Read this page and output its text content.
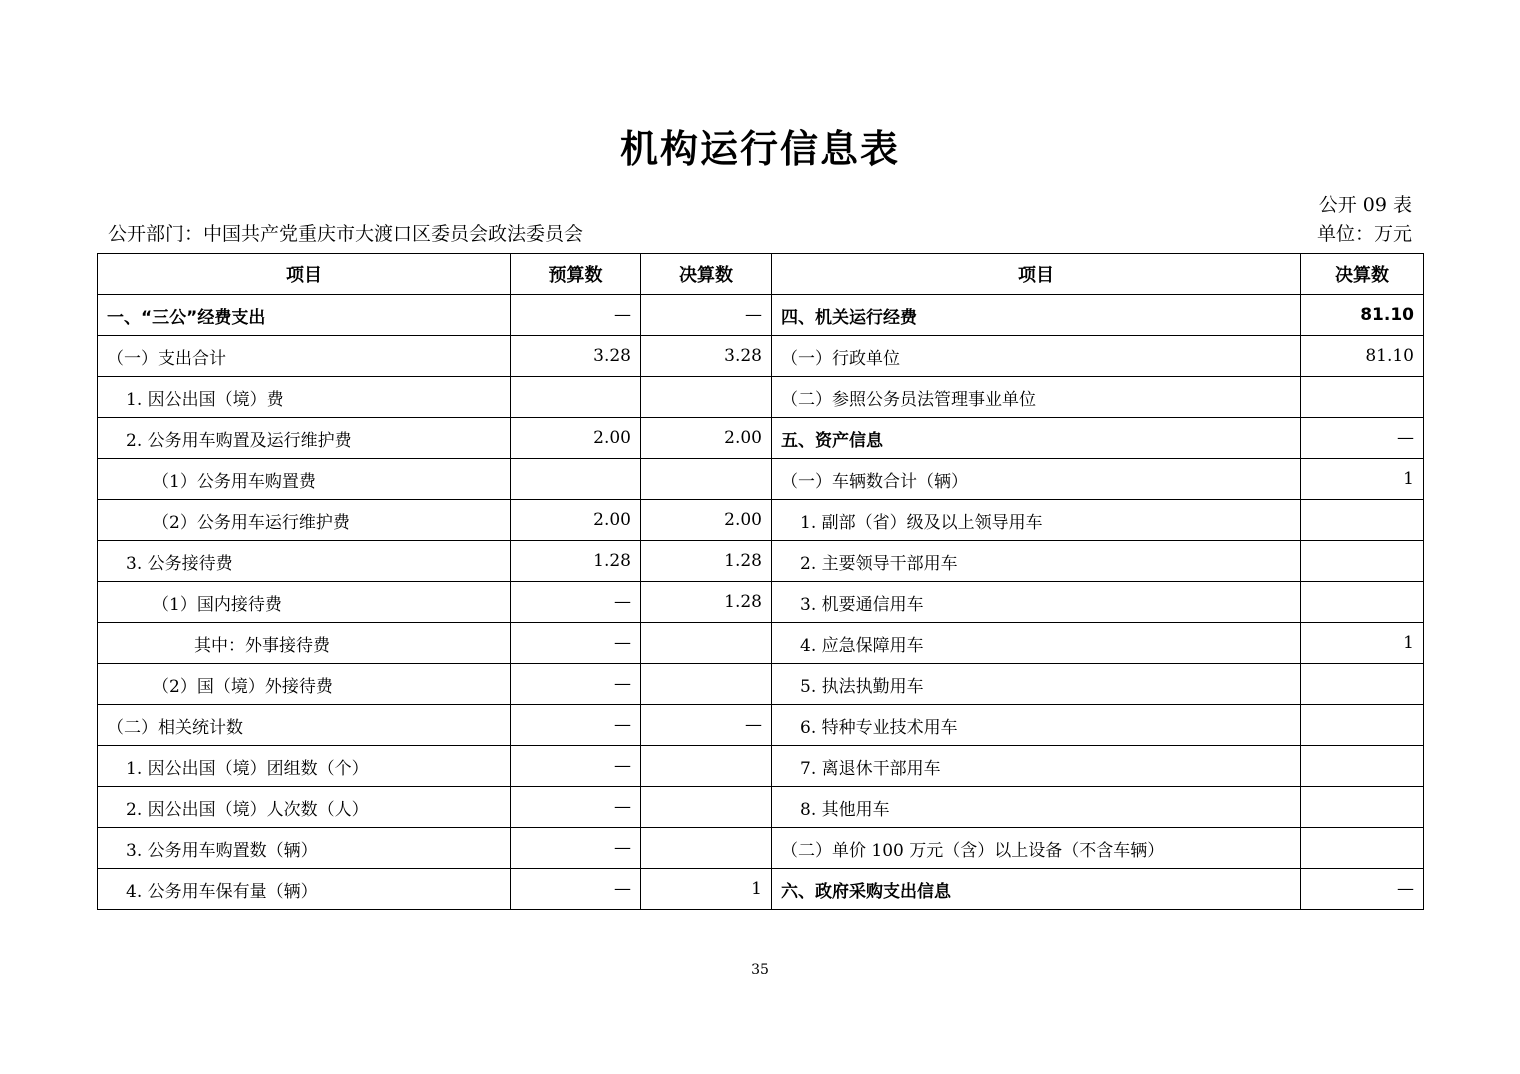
机构运行信息表
公开 09 表
公开部门：中国共产党重庆市大渡口区委员会政法委员会	单位：万元
项目	预算数	决算数	项目	决算数
一、“三公”经费支出	—	—	四、机关运行经费	81.10
（一）支出合计	3.28	3.28	（一）行政单位	81.10
1. 因公出国（境）费			（二）参照公务员法管理事业单位	
2. 公务用车购置及运行维护费	2.00	2.00	五、资产信息	—
（1）公务用车购置费			（一）车辆数合计（辆）	1
（2）公务用车运行维护费	2.00	2.00	1. 副部（省）级及以上领导用车	
3. 公务接待费	1.28	1.28	2. 主要领导干部用车	
（1）国内接待费	—	1.28	3. 机要通信用车	
其中：外事接待费	—		4. 应急保障用车	1
（2）国（境）外接待费	—		5. 执法执勤用车	
（二）相关统计数	—	—	6. 特种专业技术用车	
1. 因公出国（境）团组数（个）	—		7. 离退休干部用车	
2. 因公出国（境）人次数（人）	—		8. 其他用车	
3. 公务用车购置数（辆）	—		（二）单价 100 万元（含）以上设备（不含车辆）	
4. 公务用车保有量（辆）	—	1	六、政府采购支出信息	—
35
